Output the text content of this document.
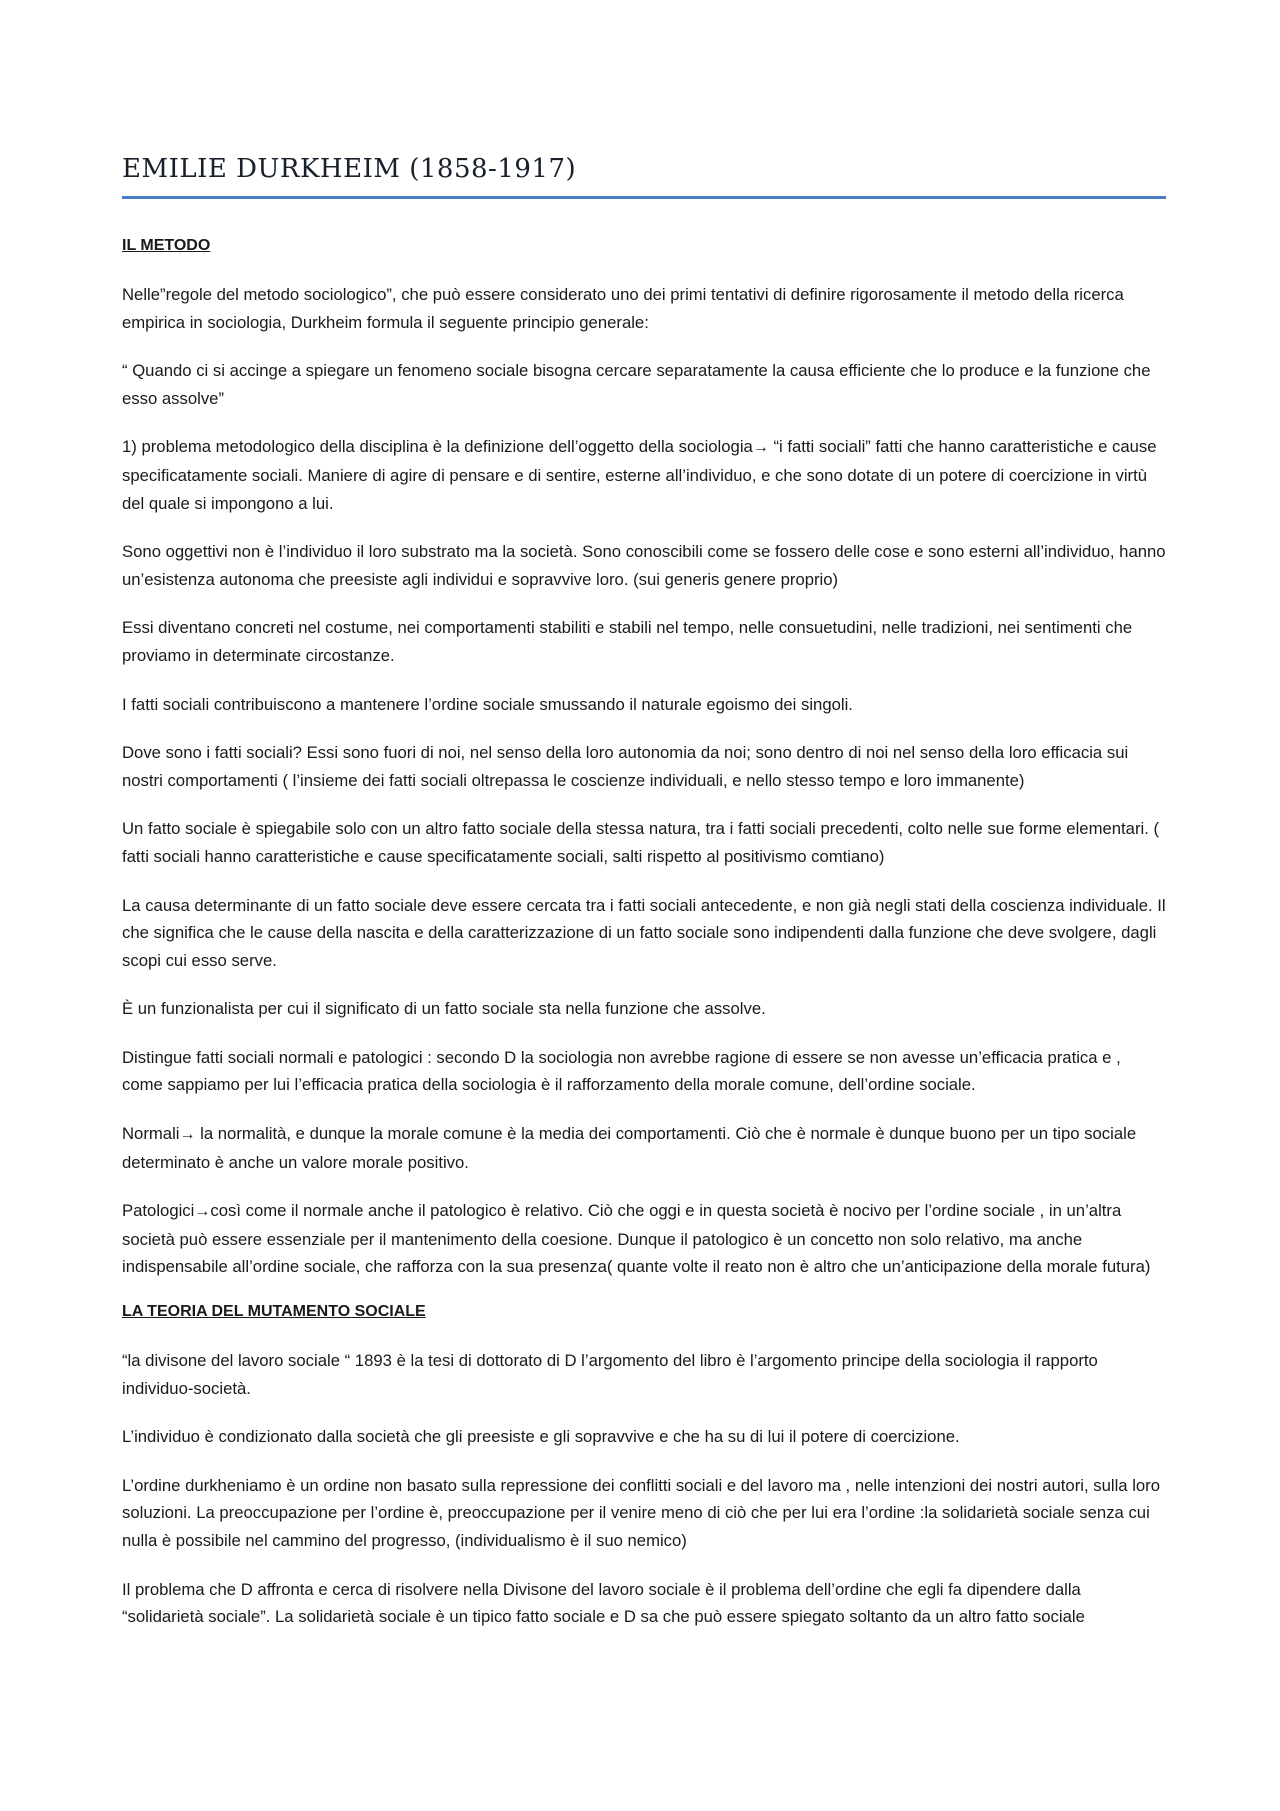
EMILIE DURKHEIM (1858-1917)
IL METODO

Nelle”regole del metodo sociologico”, che può essere considerato uno dei primi tentativi di definire rigorosamente il metodo della ricerca empirica in sociologia, Durkheim formula il seguente principio generale:

“ Quando ci si accinge a spiegare un fenomeno sociale bisogna cercare separatamente la causa efficiente che lo produce e la funzione che esso assolve”

1) problema metodologico della disciplina è la definizione dell’oggetto della sociologia→ “i fatti sociali” fatti che hanno caratteristiche e cause specificatamente sociali. Maniere di agire di pensare e di sentire, esterne all’individuo, e che sono dotate di un potere di coercizione in virtù del quale si impongono a lui.

Sono oggettivi non è l’individuo il loro substrato ma la società. Sono conoscibili come se fossero delle cose e sono esterni all’individuo, hanno un’esistenza autonoma che preesiste agli individui e sopravvive loro. (sui generis genere proprio)

Essi diventano concreti nel costume, nei comportamenti stabiliti e stabili nel tempo, nelle consuetudini, nelle tradizioni, nei sentimenti che proviamo in determinate circostanze.

I fatti sociali contribuiscono a mantenere l’ordine sociale smussando il naturale egoismo dei singoli.

Dove sono i fatti sociali? Essi sono fuori di noi, nel senso della loro autonomia da noi; sono dentro di noi nel senso della loro efficacia sui nostri comportamenti ( l’insieme dei fatti sociali oltrepassa le coscienze individuali, e nello stesso tempo e loro immanente)

Un fatto sociale è spiegabile solo con un altro fatto sociale della stessa natura, tra i fatti sociali precedenti, colto nelle sue forme elementari. ( fatti sociali hanno caratteristiche e cause specificatamente sociali, salti rispetto al positivismo comtiano)

La causa determinante di un fatto sociale deve essere cercata tra i fatti sociali antecedente, e non già negli stati della coscienza individuale. Il che significa che le cause della nascita e della caratterizzazione di un fatto sociale sono indipendenti dalla funzione che deve svolgere, dagli scopi cui esso serve.

È un funzionalista per cui il significato di un fatto sociale sta nella funzione che assolve.

Distingue fatti sociali normali e patologici : secondo D la sociologia non avrebbe ragione di essere se non avesse un’efficacia pratica e , come sappiamo per lui l’efficacia pratica della sociologia è il rafforzamento della morale comune, dell’ordine sociale.

Normali→ la normalità, e dunque la morale comune è la media dei comportamenti. Ciò che è normale è dunque buono per un tipo sociale determinato è anche un valore morale positivo.

Patologici→così come il normale anche il patologico è relativo. Ciò che oggi e in questa società è nocivo per l’ordine sociale , in un’altra società può essere essenziale per il mantenimento della coesione. Dunque il patologico è un concetto non solo relativo, ma anche indispensabile all’ordine sociale, che rafforza con la sua presenza( quante volte il reato non è altro che un’anticipazione della morale futura)

LA TEORIA DEL MUTAMENTO SOCIALE

“la divisone del lavoro sociale “ 1893 è la tesi di dottorato di D l’argomento del libro è l’argomento principe della sociologia il rapporto individuo-società.

L’individuo è condizionato dalla società che gli preesiste e gli sopravvive e che ha su di lui il potere di coercizione.

L’ordine durkheniamo è un ordine non basato sulla repressione dei conflitti sociali e del lavoro ma , nelle intenzioni dei nostri autori, sulla loro soluzioni. La preoccupazione per l’ordine è, preoccupazione per il venire meno di ciò che per lui era l’ordine :la solidarietà sociale senza cui nulla è possibile nel cammino del progresso, (individualismo è il suo nemico)

Il problema che D affronta e cerca di risolvere nella Divisone del lavoro sociale è il problema dell’ordine che egli fa dipendere dalla “solidarietà sociale”. La solidarietà sociale è un tipico fatto sociale e D sa che può essere spiegato soltanto da un altro fatto sociale
